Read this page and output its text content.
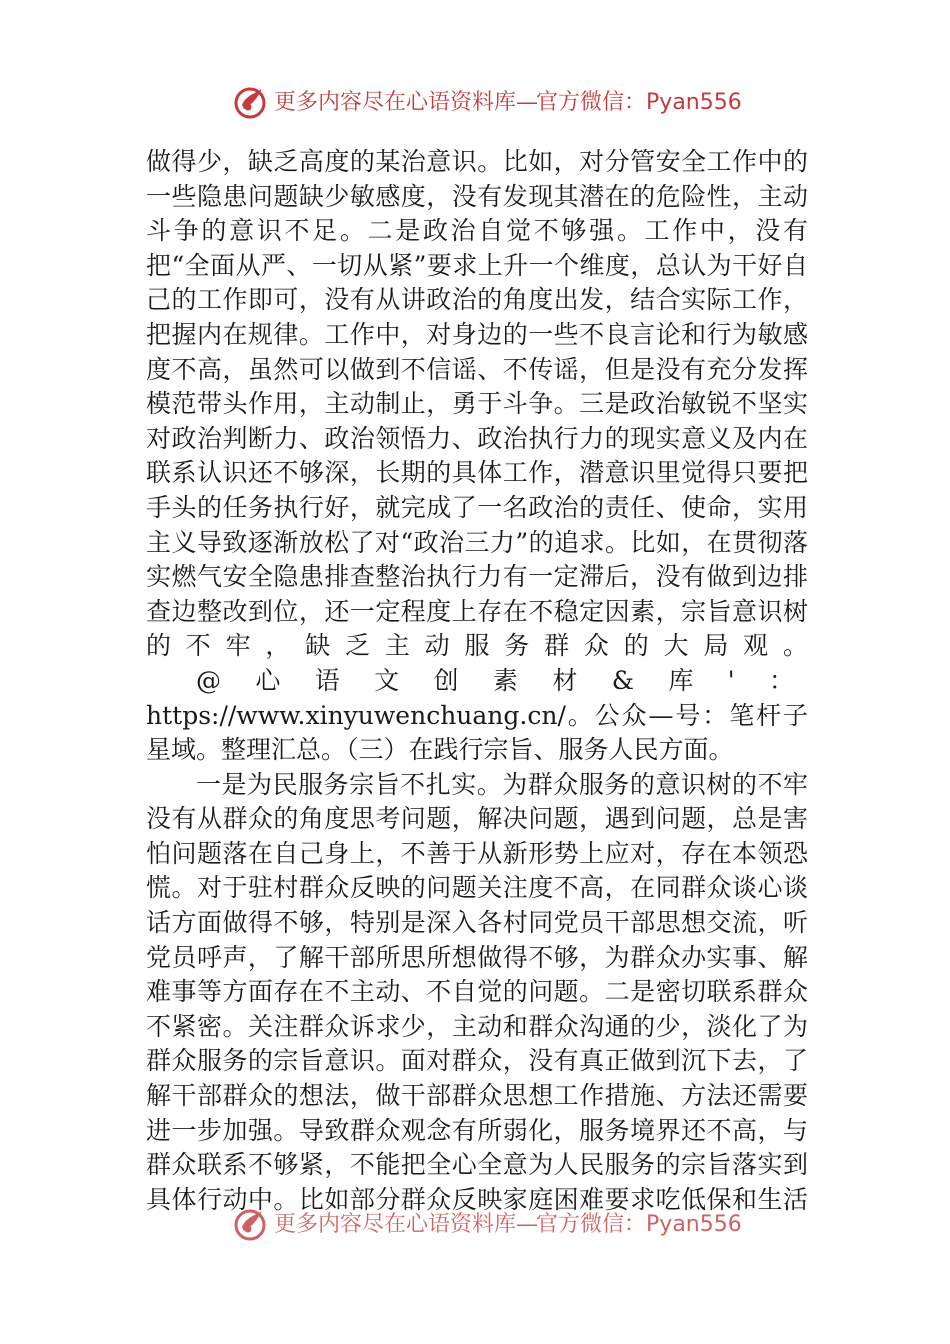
更多内容尽在心语资料库—官方微信：Pyan556

做得少，缺乏高度的某治意识。比如，对分管安全工作中的一些隐患问题缺少敏感度，没有发现其潜在的危险性，主动斗争的意识不足。二是政治自觉不够强。工作中，没有把“全面从严、一切从紧”要求上升一个维度，总认为干好自己的工作即可，没有从讲政治的角度出发，结合实际工作，把握内在规律。工作中，对身边的一些不良言论和行为敏感度不高，虽然可以做到不信谣、不传谣，但是没有充分发挥模范带头作用，主动制止，勇于斗争。三是政治敏锐不坚实对政治判断力、政治领悟力、政治执行力的现实意义及内在联系认识还不够深，长期的具体工作，潜意识里觉得只要把手头的任务执行好，就完成了一名政治的责任、使命，实用主义导致逐渐放松了对“政治三力”的追求。比如，在贯彻落实燃气安全隐患排查整治执行力有一定滞后，没有做到边排查边整改到位，还一定程度上存在不稳定因素，宗旨意识树的不牢，缺乏主动服务群众的大局观。

@心语文创素材&库'：

https://www.xinyuwenchuang.cn/。公众—号：笔杆子星域。整理汇总。（三）在践行宗旨、服务人民方面。

一是为民服务宗旨不扎实。为群众服务的意识树的不牢没有从群众的角度思考问题，解决问题，遇到问题，总是害怕问题落在自己身上，不善于从新形势上应对，存在本领恐慌。对于驻村群众反映的问题关注度不高，在同群众谈心谈话方面做得不够，特别是深入各村同党员干部思想交流，听党员呼声，了解干部所思所想做得不够，为群众办实事、解难事等方面存在不主动、不自觉的问题。二是密切联系群众不紧密。关注群众诉求少，主动和群众沟通的少，淡化了为群众服务的宗旨意识。面对群众，没有真正做到沉下去，了解干部群众的想法，做干部群众思想工作措施、方法还需要进一步加强。导致群众观念有所弱化，服务境界还不高，与群众联系不够紧，不能把全心全意为人民服务的宗旨落实到具体行动中。比如部分群众反映家庭困难要求吃低保和生活

更多内容尽在心语资料库—官方微信：Pyan556
